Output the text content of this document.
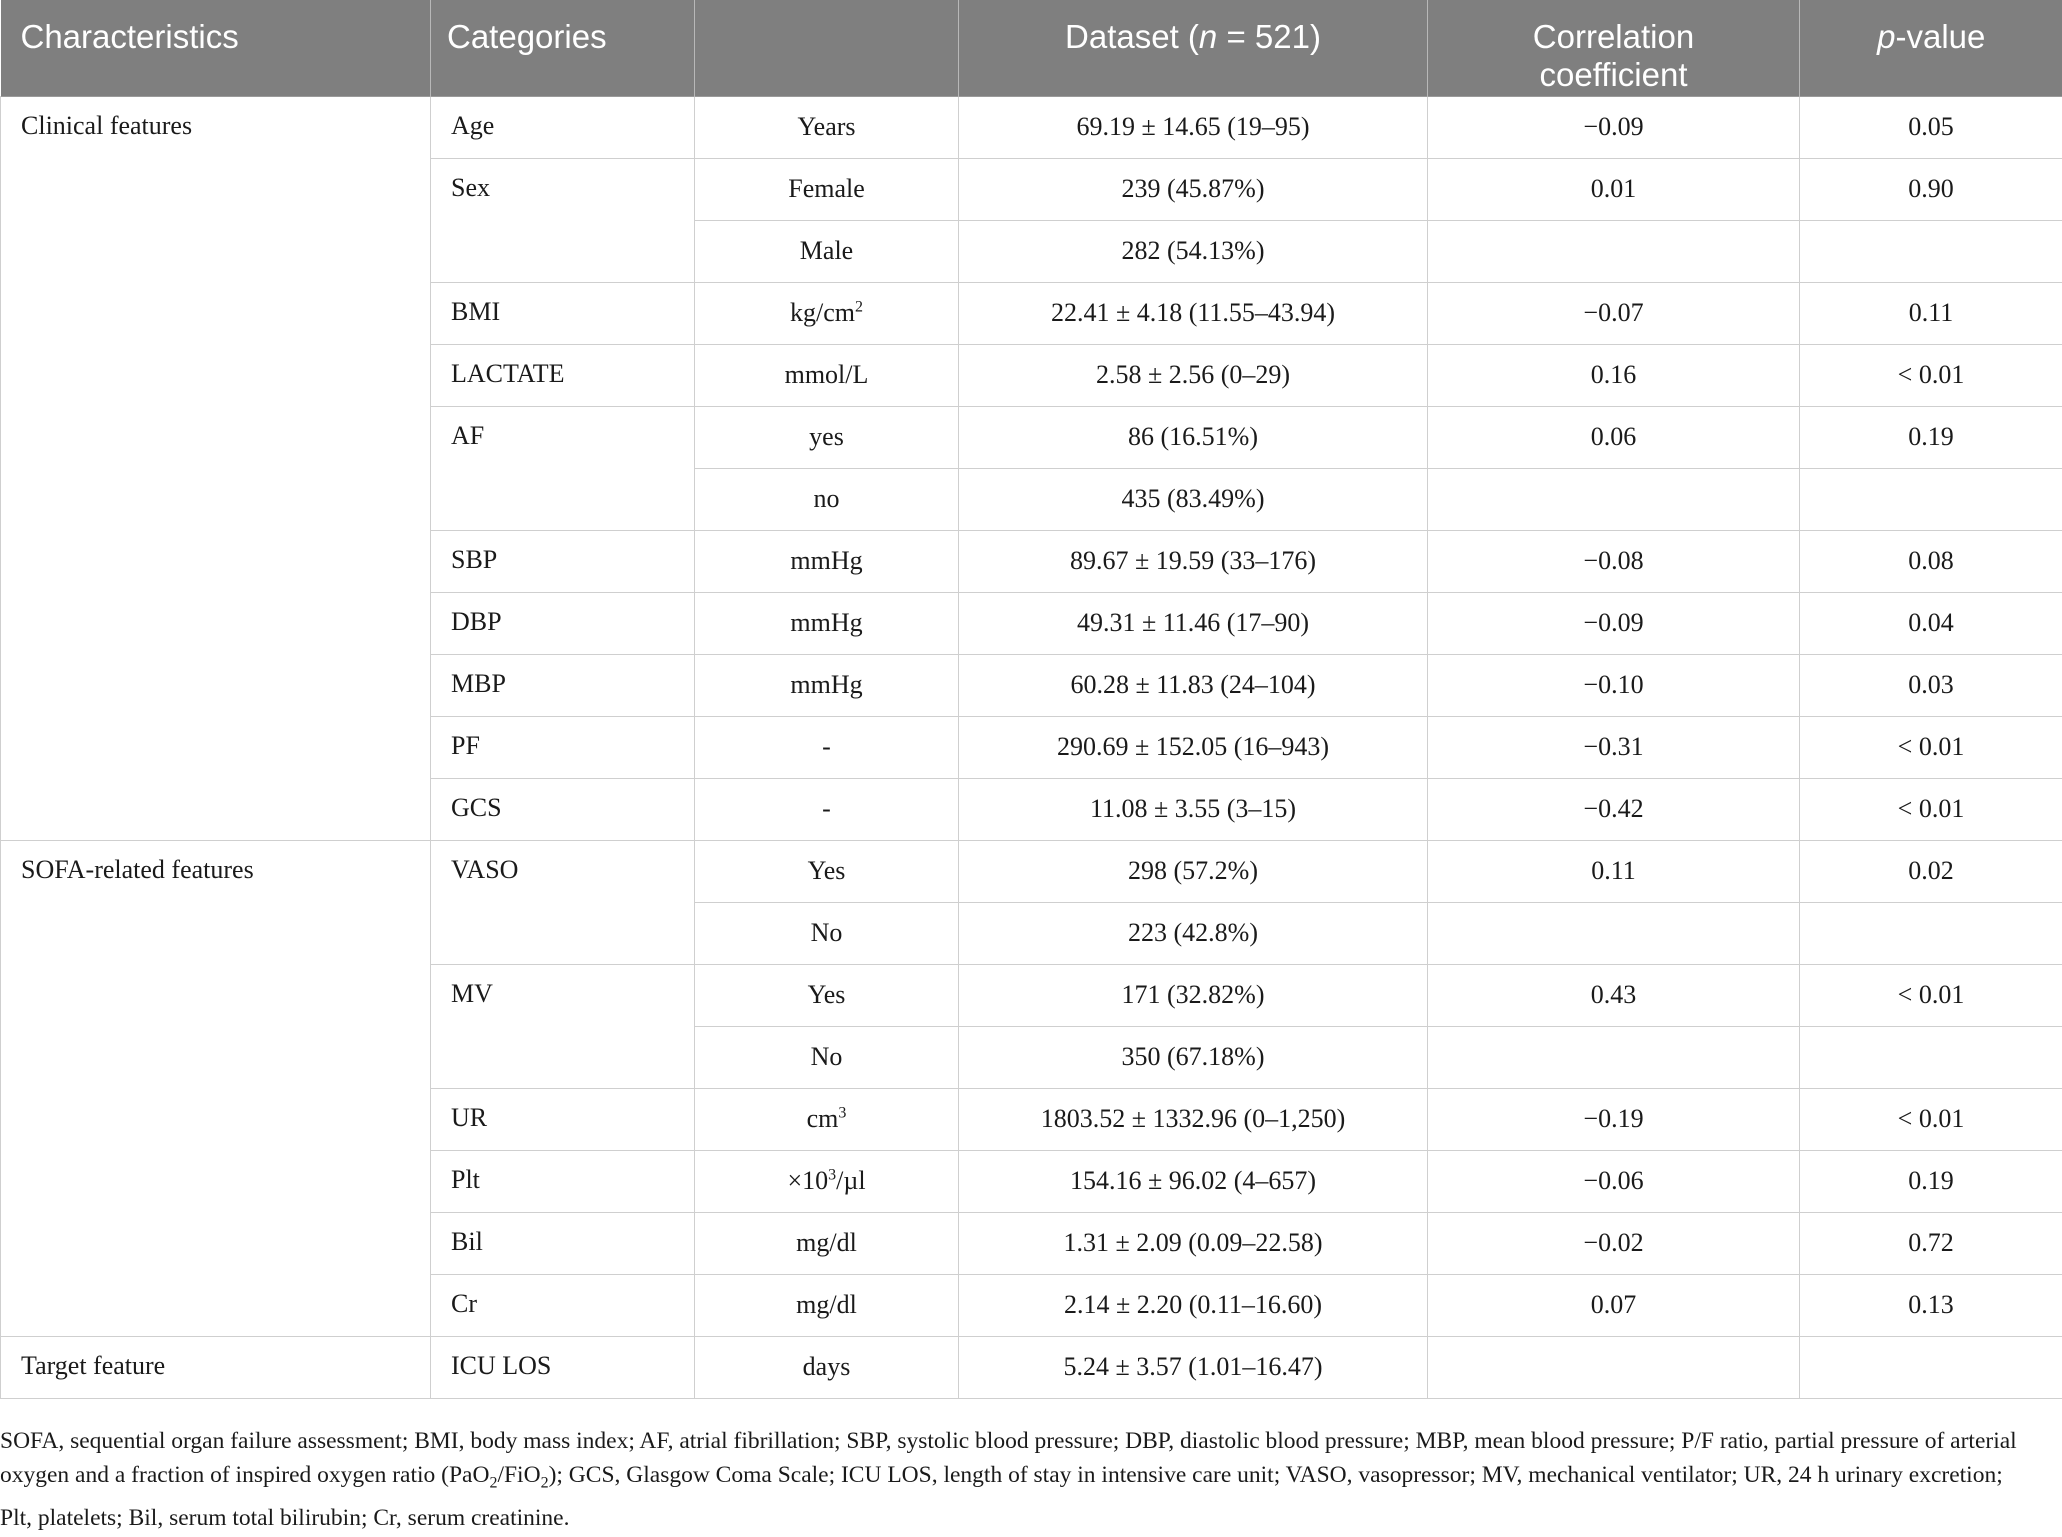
Characteristics	Categories		Dataset (n = 521)	Correlation
coefficient	p-value
Clinical features	Age	Years	69.19 ± 14.65 (19–95)	−0.09	0.05
	Sex	Female	239 (45.87%)	0.01	0.90
		Male	282 (54.13%)		
	BMI	$kg/cm^2$	22.41 ± 4.18 (11.55–43.94)	−0.07	0.11
	LACTATE	mmol/L	2.58 ± 2.56 (0–29)	0.16	< 0.01
	AF	yes	86 (16.51%)	0.06	0.19
		no	435 (83.49%)		
	SBP	mmHg	89.67 ± 19.59 (33–176)	−0.08	0.08
	DBP	mmHg	49.31 ± 11.46 (17–90)	−0.09	0.04
	MBP	mmHg	60.28 ± 11.83 (24–104)	−0.10	0.03
	PF	-	290.69 ± 152.05 (16–943)	−0.31	< 0.01
	GCS	-	11.08 ± 3.55 (3–15)	−0.42	< 0.01
SOFA-related features	VASO	Yes	298 (57.2%)	0.11	0.02
		No	223 (42.8%)		
	MV	Yes	171 (32.82%)	0.43	< 0.01
		No	350 (67.18%)		
	UR	$cm^3$	1803.52 ± 1332.96 (0–1,250)	−0.19	< 0.01
	Plt	$\times 10^3/\mu l$	154.16 ± 96.02 (4–657)	−0.06	0.19
	Bil	mg/dl	1.31 ± 2.09 (0.09–22.58)	−0.02	0.72
	Cr	mg/dl	2.14 ± 2.20 (0.11–16.60)	0.07	0.13
Target feature	ICU LOS	days	5.24 ± 3.57 (1.01–16.47)		
SOFA, sequential organ failure assessment; BMI, body mass index; AF, atrial fibrillation; SBP, systolic blood pressure; DBP, diastolic blood pressure; MBP, mean blood pressure; P/F ratio, partial pressure of arterial oxygen and a fraction of inspired oxygen ratio (PaO$_2$/FiO$_2$); GCS, Glasgow Coma Scale; ICU LOS, length of stay in intensive care unit; VASO, vasopressor; MV, mechanical ventilator; UR, 24 h urinary excretion; Plt, platelets; Bil, serum total bilirubin; Cr, serum creatinine.
